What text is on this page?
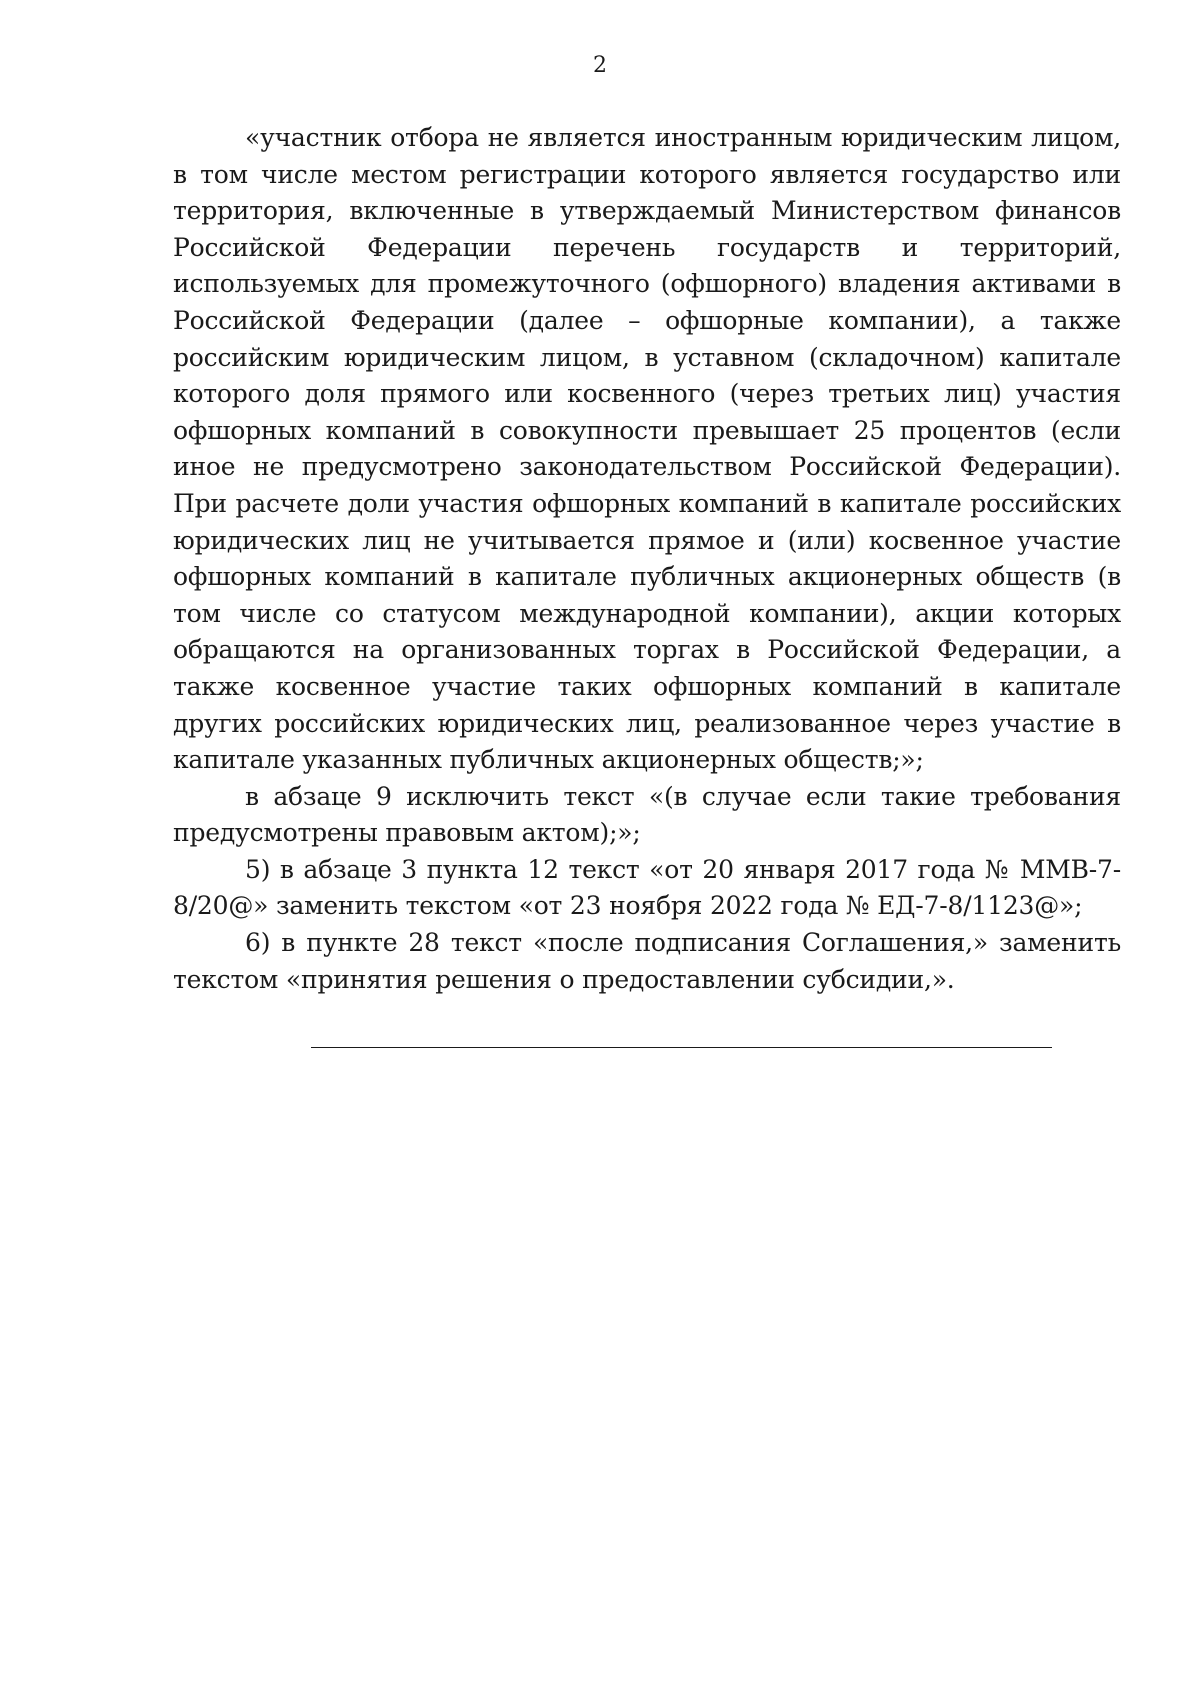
2

«участник отбора не является иностранным юридическим лицом, в том числе местом регистрации которого является государство или территория, включенные в утверждаемый Министерством финансов Российской Федерации перечень государств и территорий, используемых для промежуточного (офшорного) владения активами в Российской Федерации (далее – офшорные компании), а также российским юридическим лицом, в уставном (складочном) капитале которого доля прямого или косвенного (через третьих лиц) участия офшорных компаний в совокупности превышает 25 процентов (если иное не предусмотрено законодательством Российской Федерации). При расчете доли участия офшорных компаний в капитале российских юридических лиц не учитывается прямое и (или) косвенное участие офшорных компаний в капитале публичных акционерных обществ (в том числе со статусом международной компании), акции которых обращаются на организованных торгах в Российской Федерации, а также косвенное участие таких офшорных компаний в капитале других российских юридических лиц, реализованное через участие в капитале указанных публичных акционерных обществ;»;

в абзаце 9 исключить текст «(в случае если такие требования предусмотрены правовым актом);»;

5) в абзаце 3 пункта 12 текст «от 20 января 2017 года № ММВ-7-8/20@» заменить текстом «от 23 ноября 2022 года № ЕД-7-8/1123@»;

6) в пункте 28 текст «после подписания Соглашения,» заменить текстом «принятия решения о предоставлении субсидии,».
